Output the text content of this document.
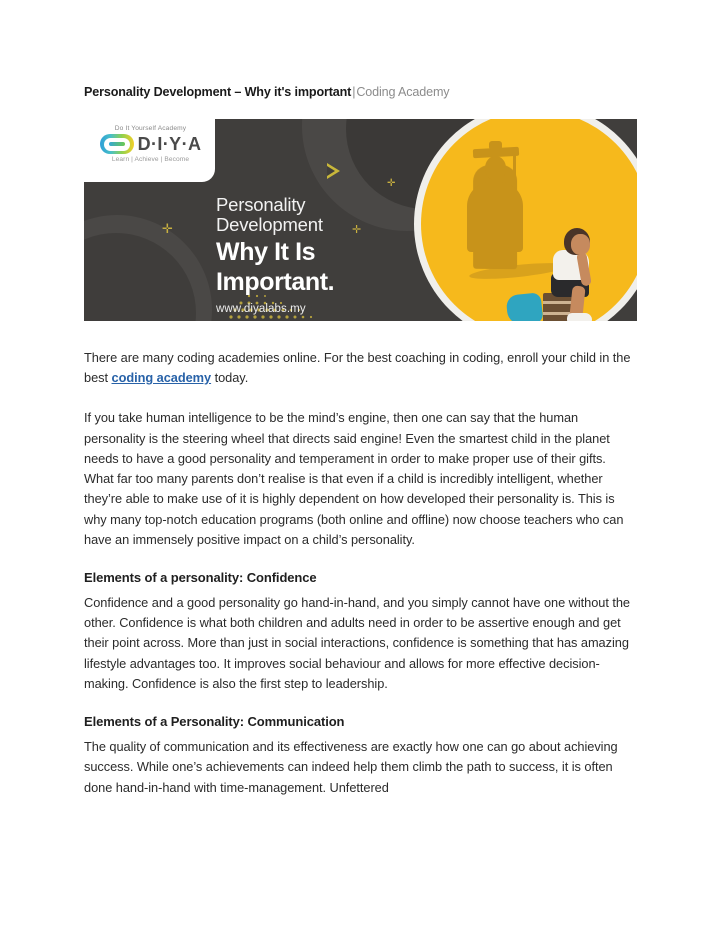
Personality Development – Why it's important|Coding Academy
Do It Yourself Academy
D·I·Y·A
Learn | Achieve | Become
✛	✛
✛
Personality
Development
Why It Is
Important.
www.diyalabs.my

There are many coding academies online. For the best coaching in coding, enroll your child in the best coding academy today.

If you take human intelligence to be the mind’s engine, then one can say that the human personality is the steering wheel that directs said engine! Even the smartest child in the planet needs to have a good personality and temperament in order to make proper use of their gifts. What far too many parents don’t realise is that even if a child is incredibly intelligent, whether they’re able to make use of it is highly dependent on how developed their personality is. This is why many top-notch education programs (both online and offline) now choose teachers who can have an immensely positive impact on a child’s personality.

Elements of a personality: Confidence

Confidence and a good personality go hand-in-hand, and you simply cannot have one without the other. Confidence is what both children and adults need in order to be assertive enough and get their point across. More than just in social interactions, confidence is something that has amazing lifestyle advantages too. It improves social behaviour and allows for more effective decision-making. Confidence is also the first step to leadership.

Elements of a Personality: Communication

The quality of communication and its effectiveness are exactly how one can go about achieving success. While one’s achievements can indeed help them climb the path to success, it is often done hand-in-hand with time-management. Unfettered
